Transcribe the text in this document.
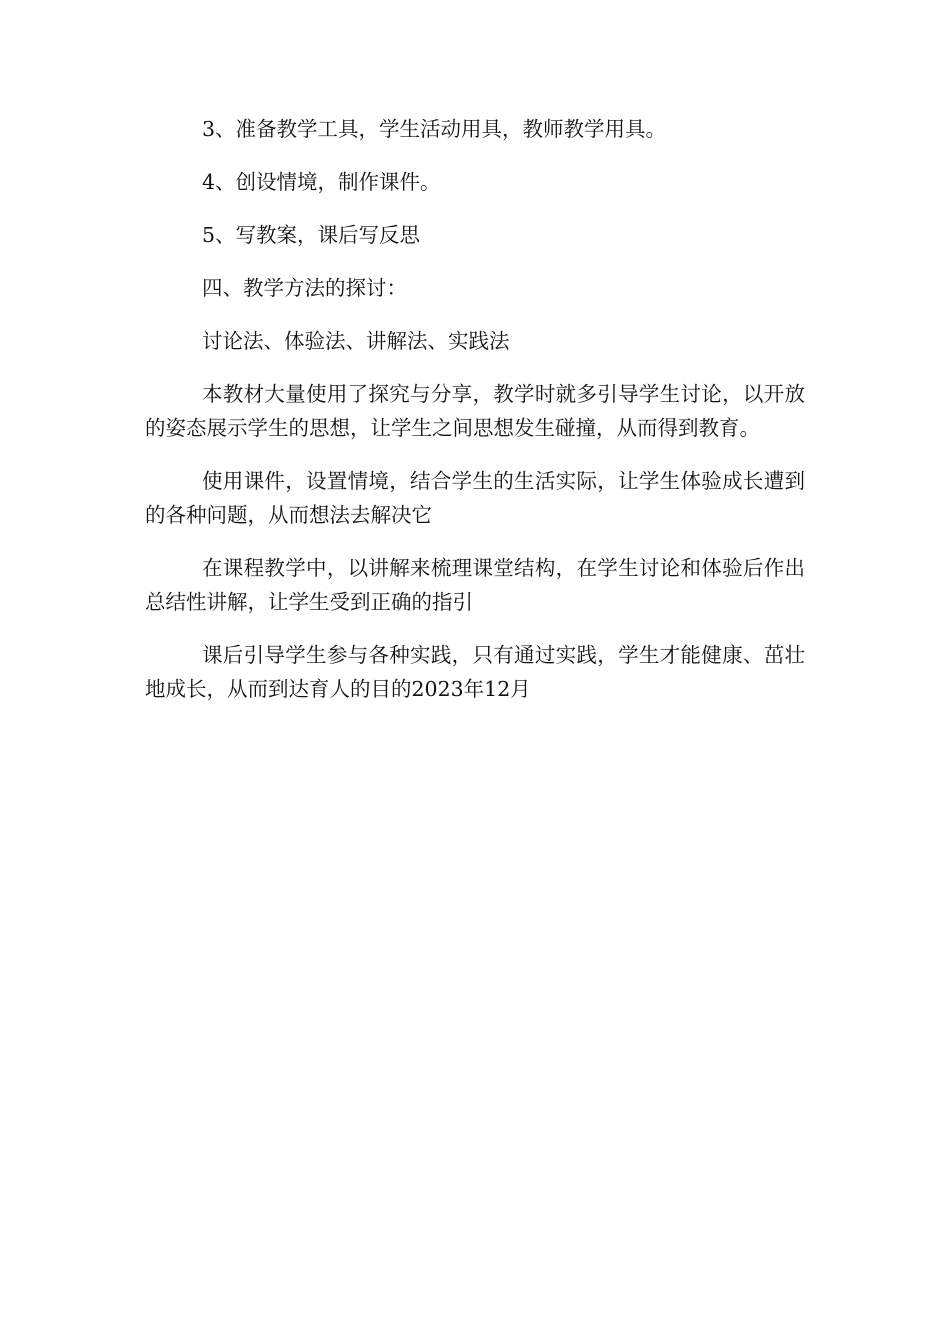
3、准备教学工具，学生活动用具，教师教学用具。

4、创设情境，制作课件。

5、写教案，课后写反思

四、教学方法的探讨：

讨论法、体验法、讲解法、实践法

本教材大量使用了探究与分享，教学时就多引导学生讨论，以开放的姿态展示学生的思想，让学生之间思想发生碰撞，从而得到教育。

使用课件，设置情境，结合学生的生活实际，让学生体验成长遭到的各种问题，从而想法去解决它

在课程教学中，以讲解来梳理课堂结构，在学生讨论和体验后作出总结性讲解，让学生受到正确的指引

课后引导学生参与各种实践，只有通过实践，学生才能健康、茁壮地成长，从而到达育人的目的2023年12月
